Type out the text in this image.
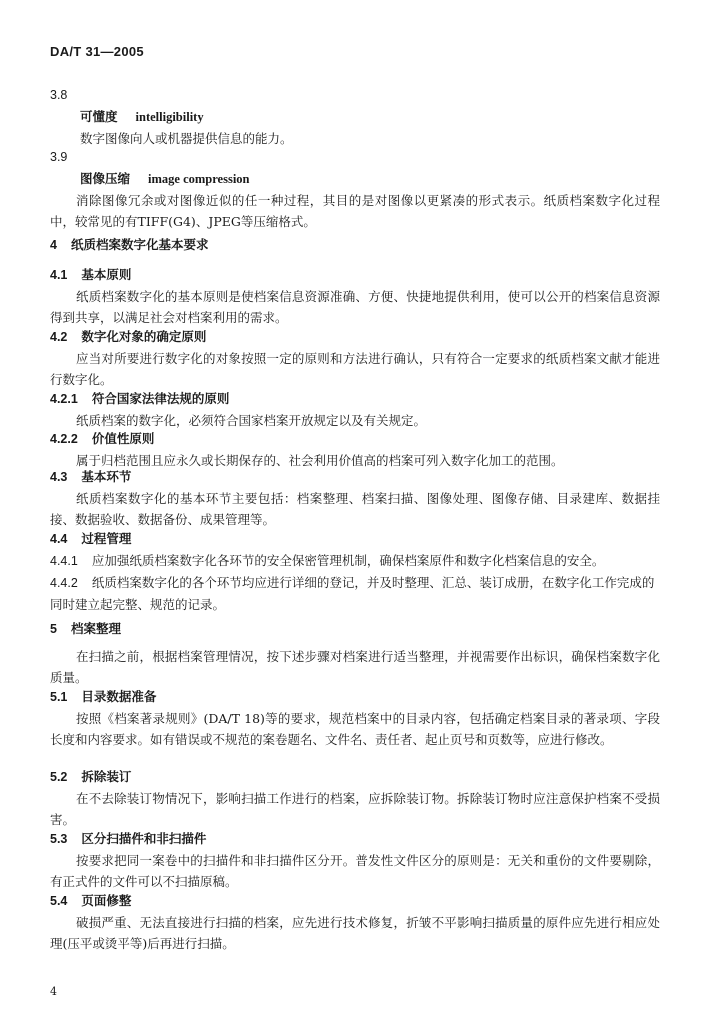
DA/T 31—2005
3.8
可懂度 intelligibility
数字图像向人或机器提供信息的能力。
3.9
图像压缩 image compression
消除图像冗余或对图像近似的任一种过程，其目的是对图像以更紧凑的形式表示。纸质档案数字化过程中，较常见的有TIFF(G4)、JPEG等压缩格式。
4 纸质档案数字化基本要求
4.1 基本原则
纸质档案数字化的基本原则是使档案信息资源准确、方便、快捷地提供利用，使可以公开的档案信息资源得到共享，以满足社会对档案利用的需求。
4.2 数字化对象的确定原则
应当对所要进行数字化的对象按照一定的原则和方法进行确认，只有符合一定要求的纸质档案文献才能进行数字化。
4.2.1 符合国家法律法规的原则
纸质档案的数字化，必须符合国家档案开放规定以及有关规定。
4.2.2 价值性原则
属于归档范围且应永久或长期保存的、社会利用价值高的档案可列入数字化加工的范围。
4.3 基本环节
纸质档案数字化的基本环节主要包括：档案整理、档案扫描、图像处理、图像存储、目录建库、数据挂接、数据验收、数据备份、成果管理等。
4.4 过程管理
4.4.1 应加强纸质档案数字化各环节的安全保密管理机制，确保档案原件和数字化档案信息的安全。
4.4.2 纸质档案数字化的各个环节均应进行详细的登记，并及时整理、汇总、装订成册，在数字化工作完成的同时建立起完整、规范的记录。
5 档案整理
在扫描之前，根据档案管理情况，按下述步骤对档案进行适当整理，并视需要作出标识，确保档案数字化质量。
5.1 目录数据准备
按照《档案著录规则》(DA/T 18)等的要求，规范档案中的目录内容，包括确定档案目录的著录项、字段长度和内容要求。如有错误或不规范的案卷题名、文件名、责任者、起止页号和页数等，应进行修改。
5.2 拆除装订
在不去除装订物情况下，影响扫描工作进行的档案，应拆除装订物。拆除装订物时应注意保护档案不受损害。
5.3 区分扫描件和非扫描件
按要求把同一案卷中的扫描件和非扫描件区分开。普发性文件区分的原则是：无关和重份的文件要剔除，有正式件的文件可以不扫描原稿。
5.4 页面修整
破损严重、无法直接进行扫描的档案，应先进行技术修复，折皱不平影响扫描质量的原件应先进行相应处理(压平或烫平等)后再进行扫描。
4
